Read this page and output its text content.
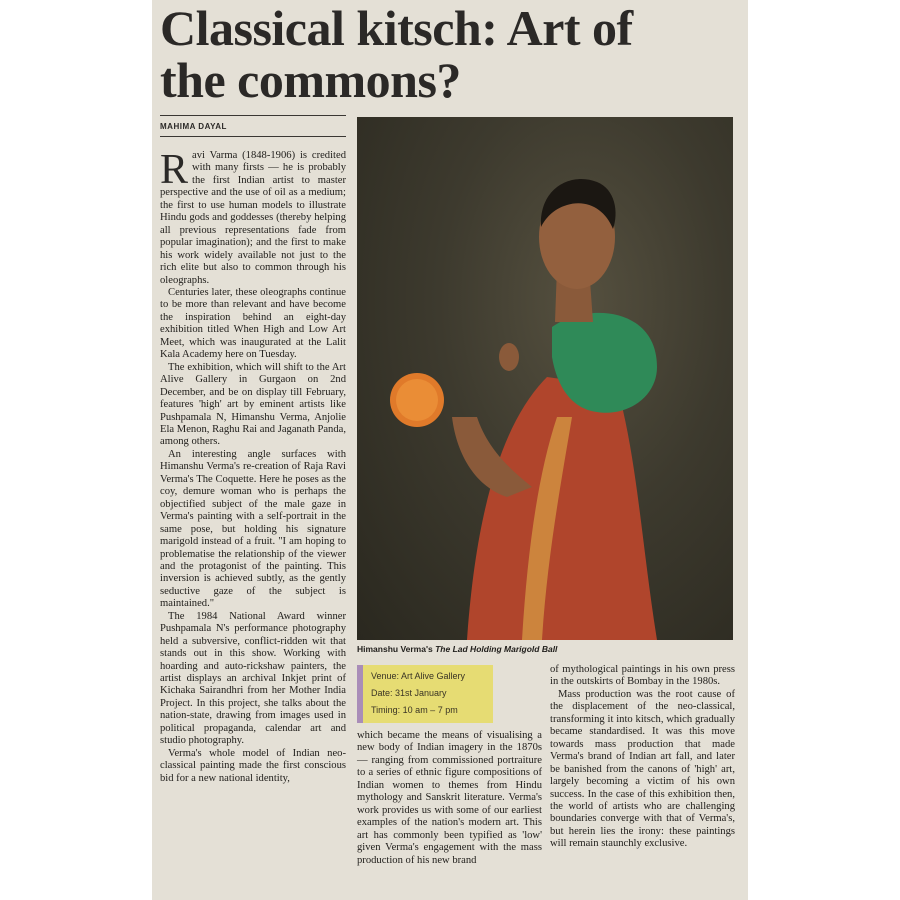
Classical kitsch: Art of
the commons?
MAHIMA DAYAL

Ravi Varma (1848-1906) is credited with many firsts — he is probably the first Indian artist to master perspective and the use of oil as a medium; the first to use human models to illustrate Hindu gods and goddesses (thereby helping all previous representations fade from popular imagination); and the first to make his work widely available not just to the rich elite but also to common through his oleographs.

Centuries later, these oleographs continue to be more than relevant and have become the inspiration behind an eight-day exhibition titled When High and Low Art Meet, which was inaugurated at the Lalit Kala Academy here on Tuesday.

The exhibition, which will shift to the Art Alive Gallery in Gurgaon on 2nd December, and be on display till February, features 'high' art by eminent artists like Pushpamala N, Himanshu Verma, Anjolie Ela Menon, Raghu Rai and Jaganath Panda, among others.

An interesting angle surfaces with Himanshu Verma's re-creation of Raja Ravi Verma's The Coquette. Here he poses as the coy, demure woman who is perhaps the objectified subject of the male gaze in Verma's painting with a self-portrait in the same pose, but holding his signature marigold instead of a fruit. "I am hoping to problematise the relationship of the viewer and the protagonist of the painting. This inversion is achieved subtly, as the gently seductive gaze of the subject is maintained."

The 1984 National Award winner Pushpamala N's performance photography held a subversive, conflict-ridden wit that stands out in this show. Working with hoarding and auto-rickshaw painters, the artist displays an archival Inkjet print of Kichaka Sairandhri from her Mother India Project. In this project, she talks about the nation-state, drawing from images used in political propaganda, calendar art and studio photography.

Verma's whole model of Indian neo-classical painting made the first conscious bid for a new national identity,

Himanshu Verma's The Lad Holding Marigold Ball
Venue: Art Alive Gallery
Date: 31st January
Timing: 10 am – 7 pm

which became the means of visualising a new body of Indian imagery in the 1870s — ranging from commissioned portraiture to a series of ethnic figure compositions of Indian women to themes from Hindu mythology and Sanskrit literature. Verma's work provides us with some of our earliest examples of the nation's modern art. This art has commonly been typified as 'low' given Verma's engagement with the mass production of his new brand

of mythological paintings in his own press in the outskirts of Bombay in the 1980s.

Mass production was the root cause of the displacement of the neo-classical, transforming it into kitsch, which gradually became standardised. It was this move towards mass production that made Verma's brand of Indian art fall, and later be banished from the canons of 'high' art, largely becoming a victim of his own success. In the case of this exhibition then, the world of artists who are challenging boundaries converge with that of Verma's, but herein lies the irony: these paintings will remain staunchly exclusive.
